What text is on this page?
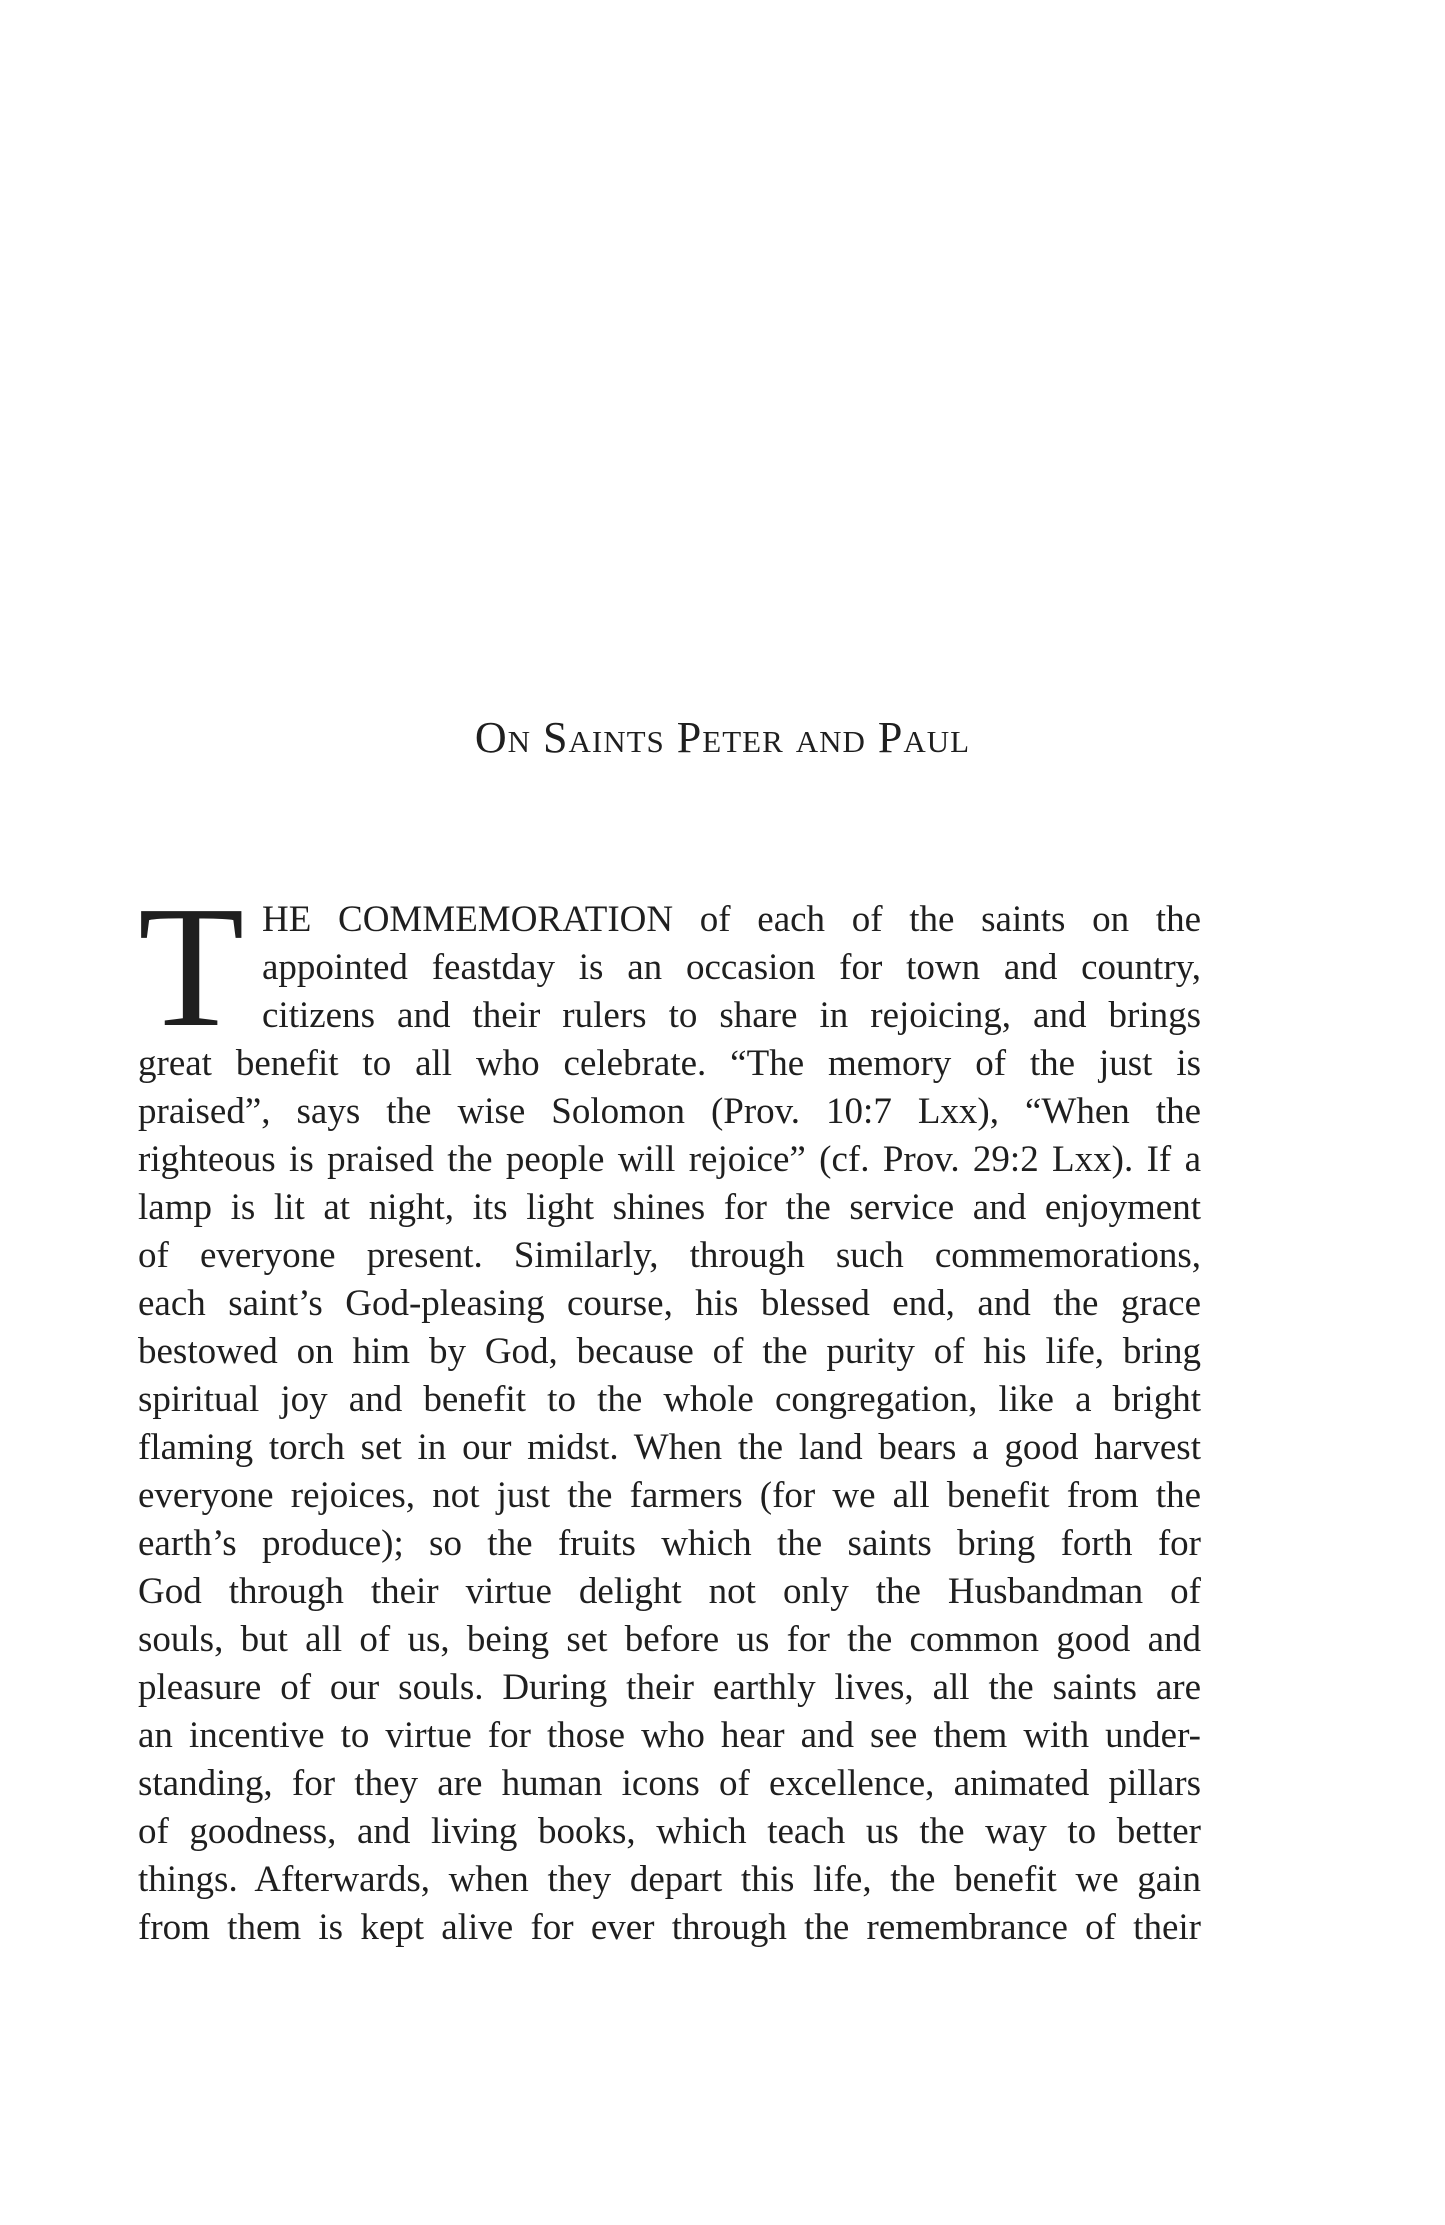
On Saints Peter and Paul
T HE COMMEMORATION of each of the saints on the
appointed feastday is an occasion for town and country,
citizens and their rulers to share in rejoicing, and brings
great benefit to all who celebrate. “The memory of the just is
praised”, says the wise Solomon (Prov. 10:7 Lxx), “When the
righteous is praised the people will rejoice” (cf. Prov. 29:2 Lxx). If a
lamp is lit at night, its light shines for the service and enjoyment
of everyone present. Similarly, through such commemorations,
each saint’s God-pleasing course, his blessed end, and the grace
bestowed on him by God, because of the purity of his life, bring
spiritual joy and benefit to the whole congregation, like a bright
flaming torch set in our midst. When the land bears a good harvest
everyone rejoices, not just the farmers (for we all benefit from the
earth’s produce); so the fruits which the saints bring forth for
God through their virtue delight not only the Husbandman of
souls, but all of us, being set before us for the common good and
pleasure of our souls. During their earthly lives, all the saints are
an incentive to virtue for those who hear and see them with under-
standing, for they are human icons of excellence, animated pillars
of goodness, and living books, which teach us the way to better
things. Afterwards, when they depart this life, the benefit we gain
from them is kept alive for ever through the remembrance of their
